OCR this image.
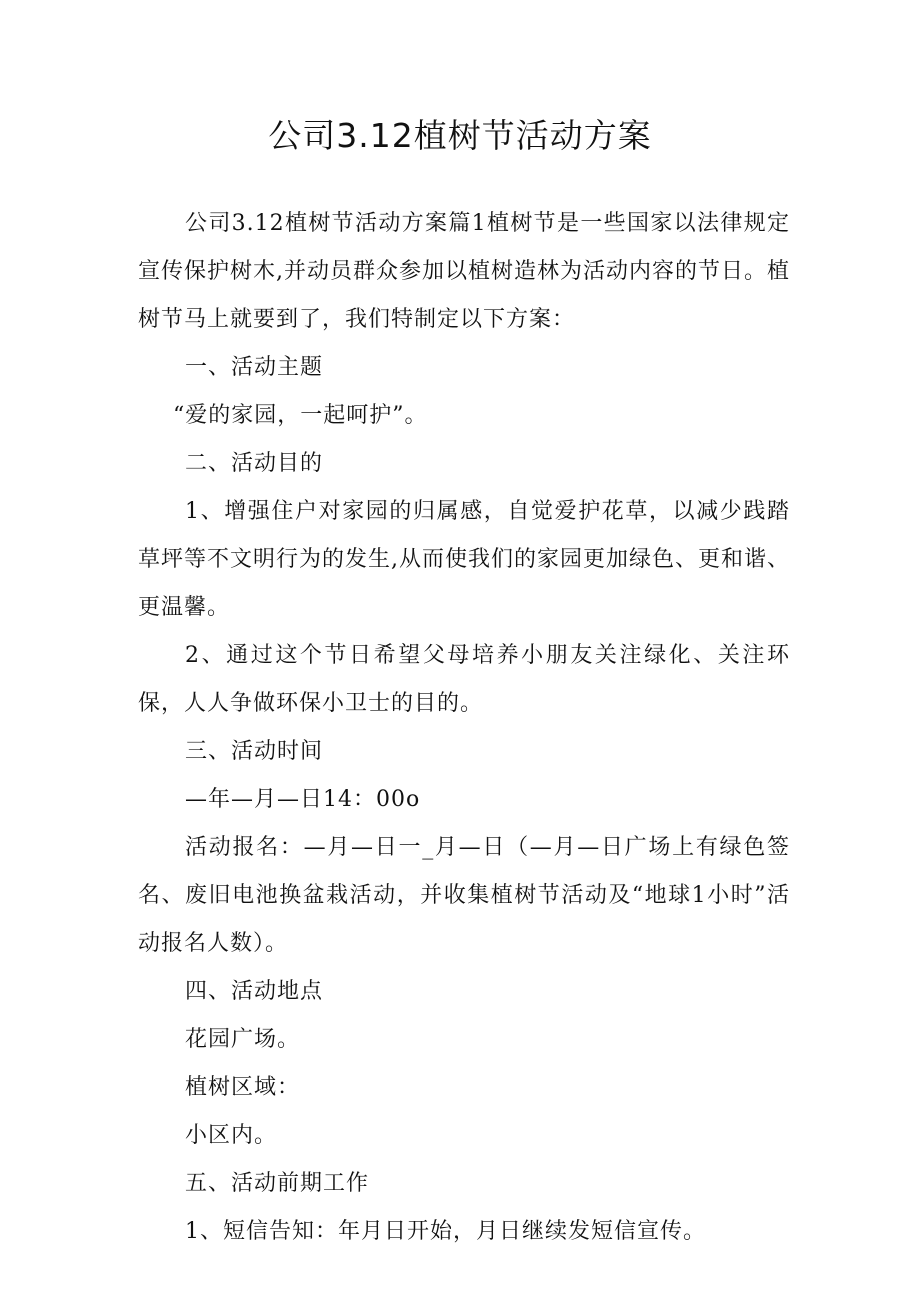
公司3.12植树节活动方案

公司3.12植树节活动方案篇1植树节是一些国家以法律规定宣传保护树木,并动员群众参加以植树造林为活动内容的节日。植树节马上就要到了，我们特制定以下方案：

一、活动主题

“爱的家园，一起呵护”。

二、活动目的

1、增强住户对家园的归属感，自觉爱护花草，以减少践踏草坪等不文明行为的发生,从而使我们的家园更加绿色、更和谐、更温馨。

2、通过这个节日希望父母培养小朋友关注绿化、关注环保，人人争做环保小卫士的目的。

三、活动时间

—年—月—日14：00o

活动报名：—月—日一_月—日（—月—日广场上有绿色签名、废旧电池换盆栽活动，并收集植树节活动及“地球1小时”活动报名人数）。

四、活动地点

花园广场。

植树区域：

小区内。

五、活动前期工作

1、短信告知：年月日开始，月日继续发短信宣传。
